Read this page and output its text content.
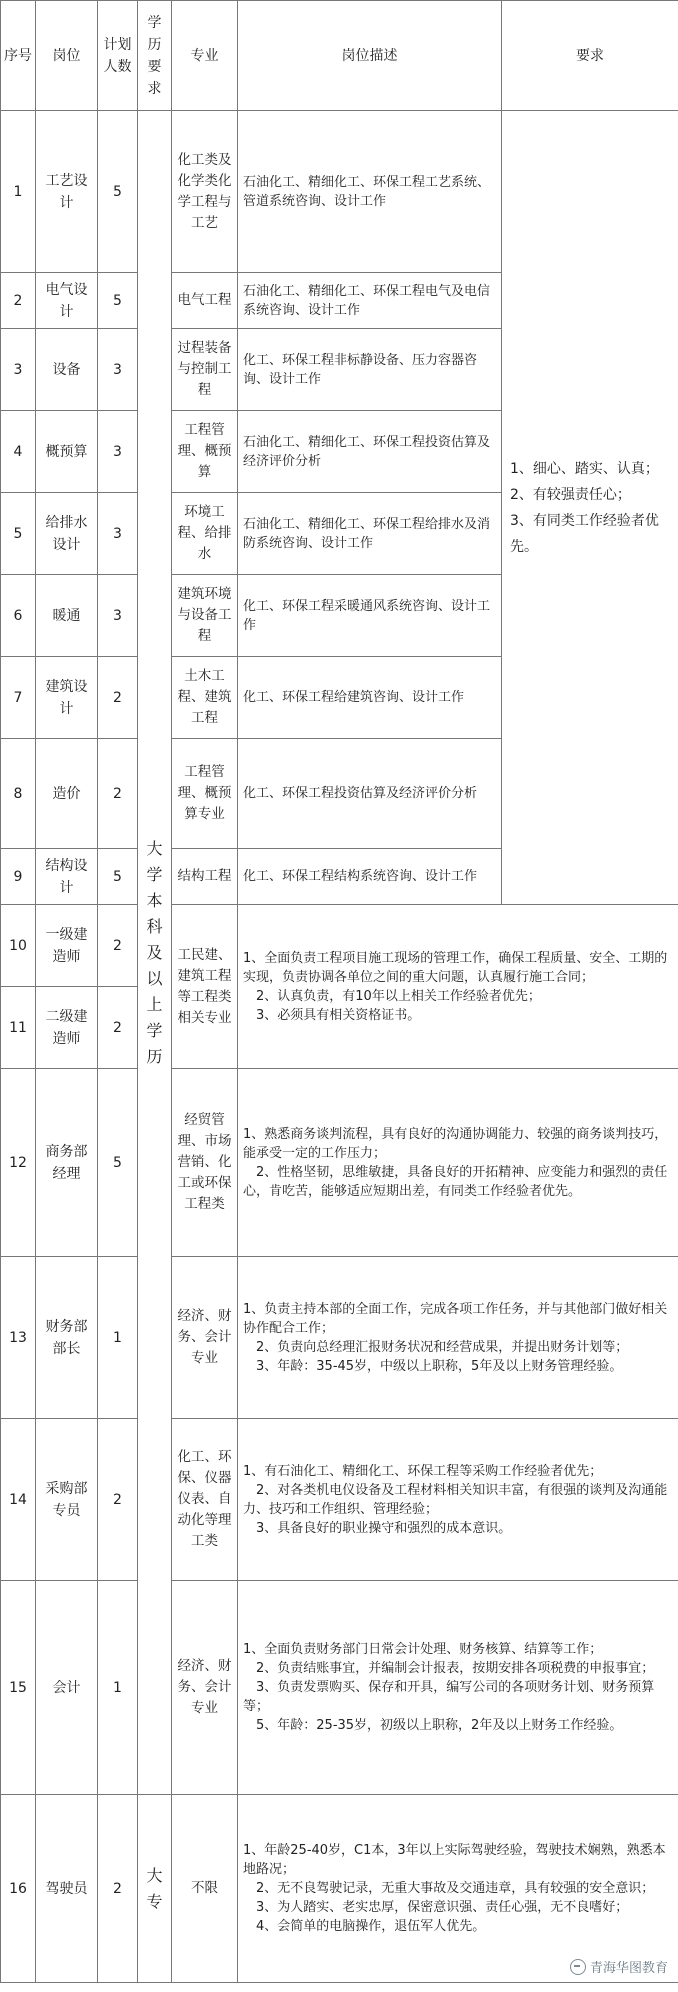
序号	岗位	计划人数	学历要求	专业	岗位描述	要求
1	工艺设计	5	大学本科及以上学历	化工类及化学类化学工程与工艺	石油化工、精细化工、环保工程工艺系统、管道系统咨询、设计工作	1、细心、踏实、认真；
2、有较强责任心；
3、有同类工作经验者优先。
2	电气设计	5		电气工程	石油化工、精细化工、环保工程电气及电信系统咨询、设计工作	
3	设备	3		过程装备与控制工程	化工、环保工程非标静设备、压力容器咨询、设计工作	
4	概预算	3		工程管理、概预算	石油化工、精细化工、环保工程投资估算及经济评价分析	
5	给排水设计	3		环境工程、给排水	石油化工、精细化工、环保工程给排水及消防系统咨询、设计工作	
6	暖通	3		建筑环境与设备工程	化工、环保工程采暖通风系统咨询、设计工作	
7	建筑设计	2		土木工程、建筑工程	化工、环保工程给建筑咨询、设计工作	
8	造价	2		工程管理、概预算专业	化工、环保工程投资估算及经济评价分析	
9	结构设计	5		结构工程	化工、环保工程结构系统咨询、设计工作	
10	一级建造师	2		工民建、建筑工程等工程类相关专业	1、全面负责工程项目施工现场的管理工作，确保工程质量、安全、工期的实现，负责协调各单位之间的重大问题，认真履行施工合同；
　2、认真负责，有10年以上相关工作经验者优先；
　3、必须具有相关资格证书。	
11	二级建造师	2				
12	商务部经理	5		经贸管理、市场营销、化工或环保工程类	1、熟悉商务谈判流程，具有良好的沟通协调能力、较强的商务谈判技巧，能承受一定的工作压力；
　2、性格坚韧，思维敏捷，具备良好的开拓精神、应变能力和强烈的责任心，肯吃苦，能够适应短期出差，有同类工作经验者优先。	
13	财务部部长	1		经济、财务、会计专业	1、负责主持本部的全面工作，完成各项工作任务，并与其他部门做好相关协作配合工作；
　2、负责向总经理汇报财务状况和经营成果，并提出财务计划等；
　3、年龄：35-45岁，中级以上职称，5年及以上财务管理经验。	
14	采购部专员	2		化工、环保、仪器仪表、自动化等理工类	1、有石油化工、精细化工、环保工程等采购工作经验者优先；
　2、对各类机电仪设备及工程材料相关知识丰富，有很强的谈判及沟通能力、技巧和工作组织、管理经验；
　3、具备良好的职业操守和强烈的成本意识。	
15	会计	1		经济、财务、会计专业	1、全面负责财务部门日常会计处理、财务核算、结算等工作；
　2、负责结账事宜，并编制会计报表，按期安排各项税费的申报事宜；
　3、负责发票购买、保存和开具，编写公司的各项财务计划、财务预算等；
　5、年龄：25-35岁，初级以上职称，2年及以上财务工作经验。	
16	驾驶员	2	大专	不限	1、年龄25-40岁，C1本，3年以上实际驾驶经验，驾驶技术娴熟，熟悉本地路况；
　2、无不良驾驶记录，无重大事故及交通违章，具有较强的安全意识；
　3、为人踏实、老实忠厚，保密意识强、责任心强，无不良嗜好；
　4、会简单的电脑操作，退伍军人优先。	
青海华图教育
